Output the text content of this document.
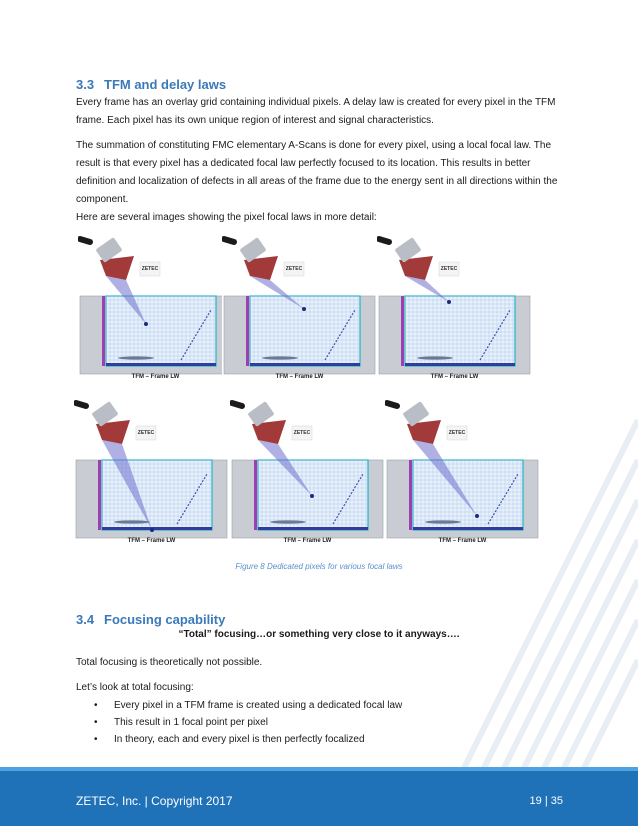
3.3 TFM and delay laws

Every frame has an overlay grid containing individual pixels. A delay law is created for every pixel in the TFM frame. Each pixel has its own unique region of interest and signal characteristics.

The summation of constituting FMC elementary A-Scans is done for every pixel, using a local focal law. The result is that every pixel has a dedicated focal law perfectly focused to its location. This results in better definition and localization of defects in all areas of the frame due to the energy sent in all directions within the component.

Here are several images showing the pixel focal laws in more detail:

ZETEC
TFM – Frame LW
ZETEC
TFM – Frame LW
ZETEC
TFM – Frame LW
ZETEC
TFM – Frame LW
ZETEC
TFM – Frame LW
ZETEC
TFM – Frame LW

Figure 8 Dedicated pixels for various focal laws

3.4 Focusing capability

“Total” focusing…or something very close to it anyways….

Total focusing is theoretically not possible.

Let’s look at total focusing:

• Every pixel in a TFM frame is created using a dedicated focal law
• This result in 1 focal point per pixel
• In theory, each and every pixel is then perfectly focalized
ZETEC, Inc. | Copyright 2017	19 | 35
